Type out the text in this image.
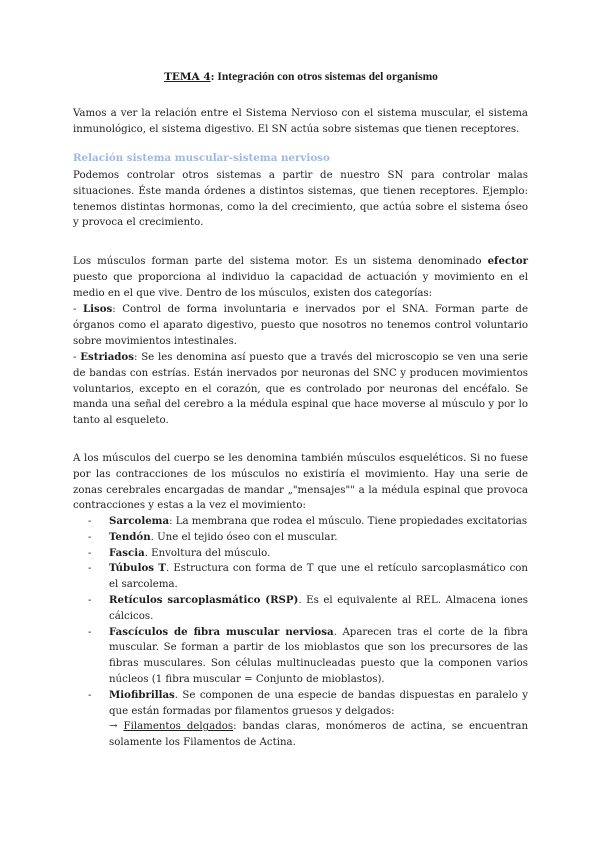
TEMA 4: Integración con otros sistemas del organismo

Vamos a ver la relación entre el Sistema Nervioso con el sistema muscular, el sistema inmunológico, el sistema digestivo. El SN actúa sobre sistemas que tienen receptores.

Relación sistema muscular-sistema nervioso

Podemos controlar otros sistemas a partir de nuestro SN para controlar malas situaciones. Éste manda órdenes a distintos sistemas, que tienen receptores. Ejemplo: tenemos distintas hormonas, como la del crecimiento, que actúa sobre el sistema óseo y provoca el crecimiento.

Los músculos forman parte del sistema motor. Es un sistema denominado efector puesto que proporciona al individuo la capacidad de actuación y movimiento en el medio en el que vive. Dentro de los músculos, existen dos categorías:

- Lisos: Control de forma involuntaria e inervados por el SNA. Forman parte de órganos como el aparato digestivo, puesto que nosotros no tenemos control voluntario sobre movimientos intestinales.

- Estriados: Se les denomina así puesto que a través del microscopio se ven una serie de bandas con estrías. Están inervados por neuronas del SNC y producen movimientos voluntarios, excepto en el corazón, que es controlado por neuronas del encéfalo. Se manda una señal del cerebro a la médula espinal que hace moverse al músculo y por lo tanto al esqueleto.

A los músculos del cuerpo se les denomina también músculos esqueléticos. Si no fuese por las contracciones de los músculos no existiría el movimiento. Hay una serie de zonas cerebrales encargadas de mandar „"mensajes"" a la médula espinal que provoca contracciones y estas a la vez el movimiento:

- Sarcolema: La membrana que rodea el músculo. Tiene propiedades excitatorias
- Tendón. Une el tejido óseo con el muscular.
- Fascia. Envoltura del músculo.
- Túbulos T. Estructura con forma de T que une el retículo sarcoplasmático con el sarcolema.
- Retículos sarcoplasmático (RSP). Es el equivalente al REL. Almacena iones cálcicos.
- Fascículos de fibra muscular nerviosa. Aparecen tras el corte de la fibra muscular. Se forman a partir de los mioblastos que son los precursores de las fibras musculares. Son células multinucleadas puesto que la componen varios núcleos (1 fibra muscular = Conjunto de mioblastos).
- Miofibrillas. Se componen de una especie de bandas dispuestas en paralelo y que están formadas por filamentos gruesos y delgados:
→ Filamentos delgados: bandas claras, monómeros de actina, se encuentran solamente los Filamentos de Actina.
